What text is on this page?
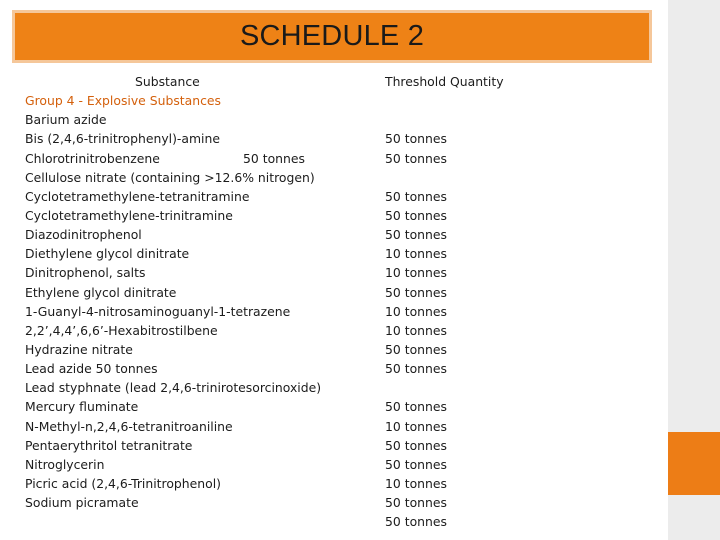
SCHEDULE 2
Substance
Group 4 - Explosive Substances
Barium azide
Bis (2,4,6-trinitrophenyl)-amine
Chlorotrinitrobenzene	50 tonnes
Cellulose nitrate (containing >12.6% nitrogen)
Cyclotetramethylene-tetranitramine
Cyclotetramethylene-trinitramine
Diazodinitrophenol
Diethylene glycol dinitrate
Dinitrophenol, salts
Ethylene glycol dinitrate
1-Guanyl-4-nitrosaminoguanyl-1-tetrazene
2,2’,4,4’,6,6’-Hexabitrostilbene
Hydrazine nitrate
Lead azide 50 tonnes
Lead styphnate (lead 2,4,6-trinirotesorcinoxide)
Mercury fluminate
N-Methyl-n,2,4,6-tetranitroaniline
Pentaerythritol tetranitrate
Nitroglycerin
Picric acid (2,4,6-Trinitrophenol)
Sodium picramate
Threshold Quantity
50 tonnes
50 tonnes
50 tonnes
50 tonnes
50 tonnes
10 tonnes
10 tonnes
50 tonnes
10 tonnes
10 tonnes
50 tonnes
50 tonnes
50 tonnes
10 tonnes
50 tonnes
50 tonnes
10 tonnes
50 tonnes
50 tonnes
